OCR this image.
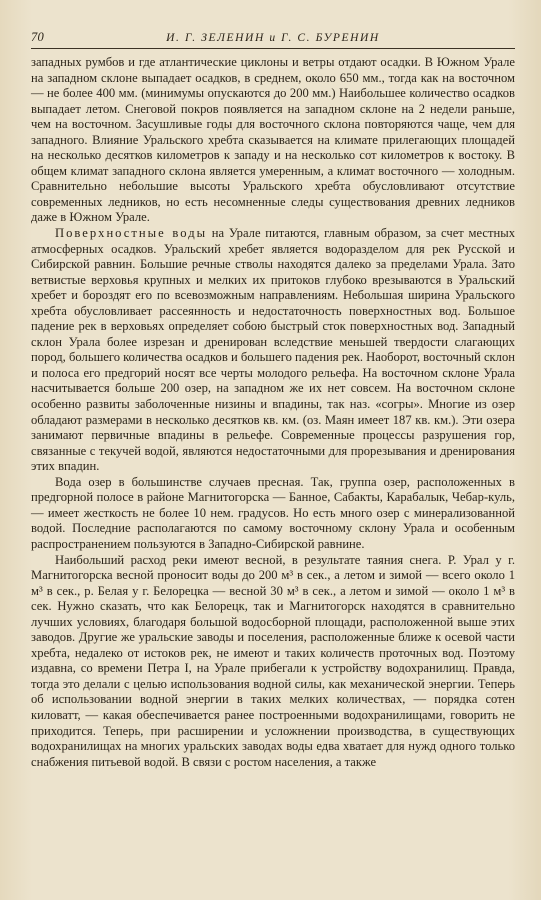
70	И. Г. ЗЕЛЕНИН и Г. С. БУРЕНИН

западных румбов и где атлантические циклоны и ветры отдают осадки. В Южном Урале на западном склоне выпадает осадков, в среднем, около 650 мм., тогда как на восточном — не более 400 мм. (минимумы опускаются до 200 мм.) Наибольшее количество осадков выпадает летом. Снеговой покров появляется на западном склоне на 2 недели раньше, чем на восточном. Засушливые годы для восточного склона повторяются чаще, чем для западного. Влияние Уральского хребта сказывается на климате прилегающих площадей на несколько десятков километров к западу и на несколько сот километров к востоку. В общем климат западного склона является умеренным, а климат восточного — холодным. Сравнительно небольшие высоты Уральского хребта обусловливают отсутствие современных ледников, но есть несомненные следы существования древних ледников даже в Южном Урале.

Поверхностные воды на Урале питаются, главным образом, за счет местных атмосферных осадков. Уральский хребет является водоразделом для рек Русской и Сибирской равнин. Большие речные стволы находятся далеко за пределами Урала. Зато ветвистые верховья крупных и мелких их притоков глубоко врезываются в Уральский хребет и бороздят его по всевозможным направлениям. Небольшая ширина Уральского хребта обусловливает рассеянность и недостаточность поверхностных вод. Большое падение рек в верховьях определяет собою быстрый сток поверхностных вод. Западный склон Урала более изрезан и дренирован вследствие меньшей твердости слагающих пород, большего количества осадков и большего падения рек. Наоборот, восточный склон и полоса его предгорий носят все черты молодого рельефа. На восточном склоне Урала насчитывается больше 200 озер, на западном же их нет совсем. На восточном склоне особенно развиты заболоченные низины и впадины, так наз. «согры». Многие из озер обладают размерами в несколько десятков кв. км. (оз. Маян имеет 187 кв. км.). Эти озера занимают первичные впадины в рельефе. Современные процессы разрушения гор, связанные с текучей водой, являются недостаточными для прорезывания и дренирования этих впадин.

Вода озер в большинстве случаев пресная. Так, группа озер, расположенных в предгорной полосе в районе Магнитогорска — Банное, Сабакты, Карабалык, Чебар-куль, — имеет жесткость не более 10 нем. градусов. Но есть много озер с минерализованной водой. Последние располагаются по самому восточному склону Урала и особенным распространением пользуются в Западно-Сибирской равнине.

Наибольший расход реки имеют весной, в результате таяния снега. Р. Урал у г. Магнитогорска весной проносит воды до 200 м³ в сек., а летом и зимой — всего около 1 м³ в сек., р. Белая у г. Белорецка — весной 30 м³ в сек., а летом и зимой — около 1 м³ в сек. Нужно сказать, что как Белорецк, так и Магнитогорск находятся в сравнительно лучших условиях, благодаря большой водосборной площади, расположенной выше этих заводов. Другие же уральские заводы и поселения, расположенные ближе к осевой части хребта, недалеко от истоков рек, не имеют и таких количеств проточных вод. Поэтому издавна, со времени Петра I, на Урале прибегали к устройству водохранилищ. Правда, тогда это делали с целью использования водной силы, как механической энергии. Теперь об использовании водной энергии в таких мелких количествах, — порядка сотен киловатт, — какая обеспечивается ранее построенными водохранилищами, говорить не приходится. Теперь, при расширении и усложнении производства, в существующих водохранилищах на многих уральских заводах воды едва хватает для нужд одного только снабжения питьевой водой. В связи с ростом населения, а также
